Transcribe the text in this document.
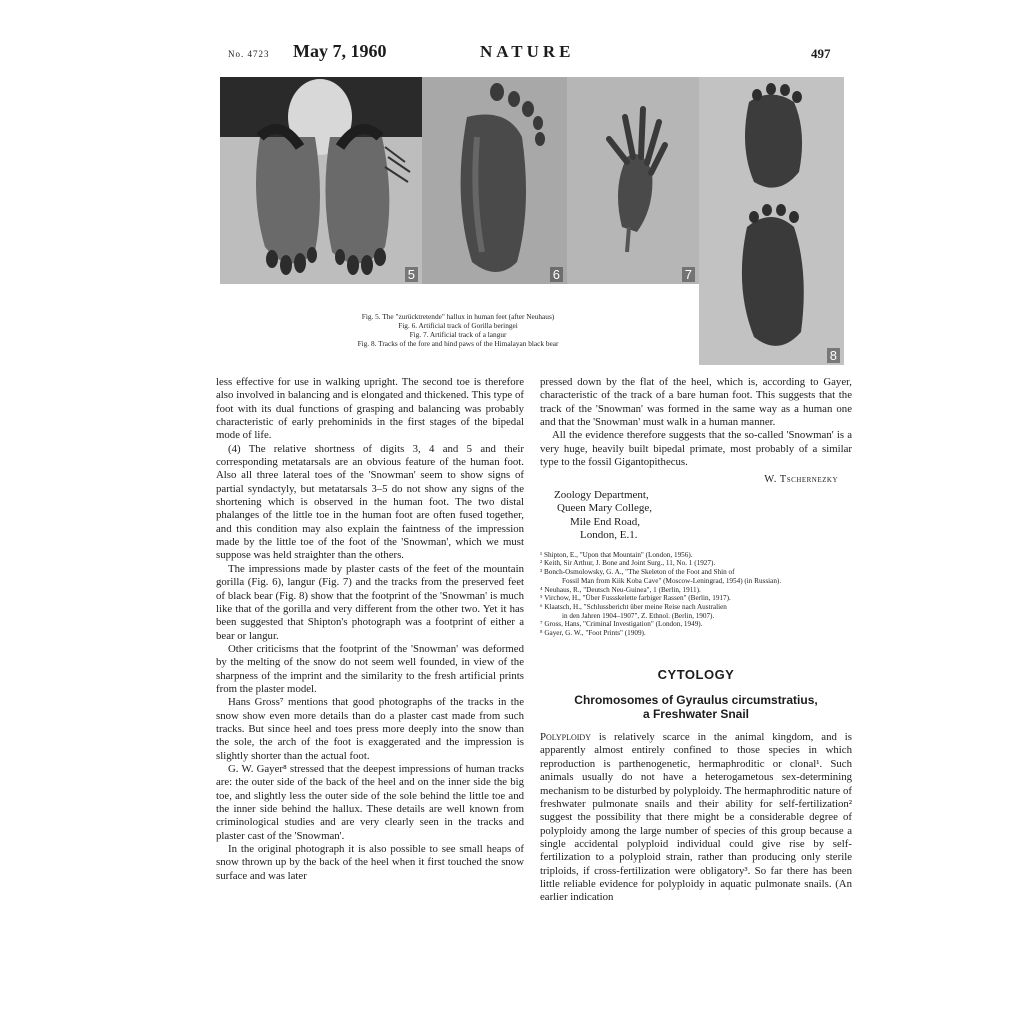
No. 4723 May 7, 1960	NATURE	497
5	6	7
8
Fig. 5. The "zurücktretende" hallux in human feet (after Neuhaus)
Fig. 6. Artificial track of Gorilla beringei
Fig. 7. Artificial track of a langur
Fig. 8. Tracks of the fore and hind paws of the Himalayan black bear

less effective for use in walking upright. The second toe is therefore also involved in balancing and is elongated and thickened. This type of foot with its dual functions of grasping and balancing was probably characteristic of early prehominids in the first stages of the bipedal mode of life.

(4) The relative shortness of digits 3, 4 and 5 and their corresponding metatarsals are an obvious feature of the human foot. Also all three lateral toes of the 'Snowman' seem to show signs of partial syndactyly, but metatarsals 3–5 do not show any signs of the shortening which is observed in the human foot. The two distal phalanges of the little toe in the human foot are often fused together, and this condition may also explain the faintness of the impression made by the little toe of the foot of the 'Snowman', which we must suppose was held straighter than the others.

The impressions made by plaster casts of the feet of the mountain gorilla (Fig. 6), langur (Fig. 7) and the tracks from the preserved feet of black bear (Fig. 8) show that the footprint of the 'Snowman' is much like that of the gorilla and very different from the other two. Yet it has been suggested that Shipton's photograph was a footprint of either a bear or langur.

Other criticisms that the footprint of the 'Snowman' was deformed by the melting of the snow do not seem well founded, in view of the sharpness of the imprint and the similarity to the fresh artificial prints from the plaster model.

Hans Gross⁷ mentions that good photographs of the tracks in the snow show even more details than do a plaster cast made from such tracks. But since heel and toes press more deeply into the snow than the sole, the arch of the foot is exaggerated and the impression is slightly shorter than the actual foot.

G. W. Gayer⁸ stressed that the deepest impressions of human tracks are: the outer side of the back of the heel and on the inner side the big toe, and slightly less the outer side of the sole behind the little toe and the inner side behind the hallux. These details are well known from criminological studies and are very clearly seen in the tracks and plaster cast of the 'Snowman'.

In the original photograph it is also possible to see small heaps of snow thrown up by the back of the heel when it first touched the snow surface and was later

pressed down by the flat of the heel, which is, according to Gayer, characteristic of the track of a bare human foot. This suggests that the track of the 'Snowman' was formed in the same way as a human one and that the 'Snowman' must walk in a human manner.

All the evidence therefore suggests that the so-called 'Snowman' is a very huge, heavily built bipedal primate, most probably of a similar type to the fossil Gigantopithecus.

W. Tschernezky
Zoology Department,
Queen Mary College,
Mile End Road,
London, E.1.
¹ Shipton, E., "Upon that Mountain" (London, 1956).
² Keith, Sir Arthur, J. Bone and Joint Surg., 11, No. 1 (1927).
³ Bonch-Osmolowsky, G. A., "The Skeleton of the Foot and Shin of
Fossil Man from Kiik Koba Cave" (Moscow-Leningrad, 1954) (in Russian).
⁴ Neuhaus, R., "Deutsch Neu-Guinea", 1 (Berlin, 1911).
⁵ Virchow, H., "Über Fussskelette farbiger Rassen" (Berlin, 1917).
⁶ Klaatsch, H., "Schlussbericht über meine Reise nach Australien
in den Jahren 1904–1907", Z. Ethnol. (Berlin, 1907).
⁷ Gross, Hans, "Criminal Investigation" (London, 1949).
⁸ Gayer, G. W., "Foot Prints" (1909).
CYTOLOGY
Chromosomes of Gyraulus circumstratius,
a Freshwater Snail

Polyploidy is relatively scarce in the animal kingdom, and is apparently almost entirely confined to those species in which reproduction is parthenogenetic, hermaphroditic or clonal¹. Such animals usually do not have a heterogametous sex-determining mechanism to be disturbed by polyploidy. The hermaphroditic nature of freshwater pulmonate snails and their ability for self-fertilization² suggest the possibility that there might be a considerable degree of polyploidy among the large number of species of this group because a single accidental polyploid individual could give rise by self-fertilization to a polyploid strain, rather than producing only sterile triploids, if cross-fertilization were obligatory³. So far there has been little reliable evidence for polyploidy in aquatic pulmonate snails. (An earlier indication
